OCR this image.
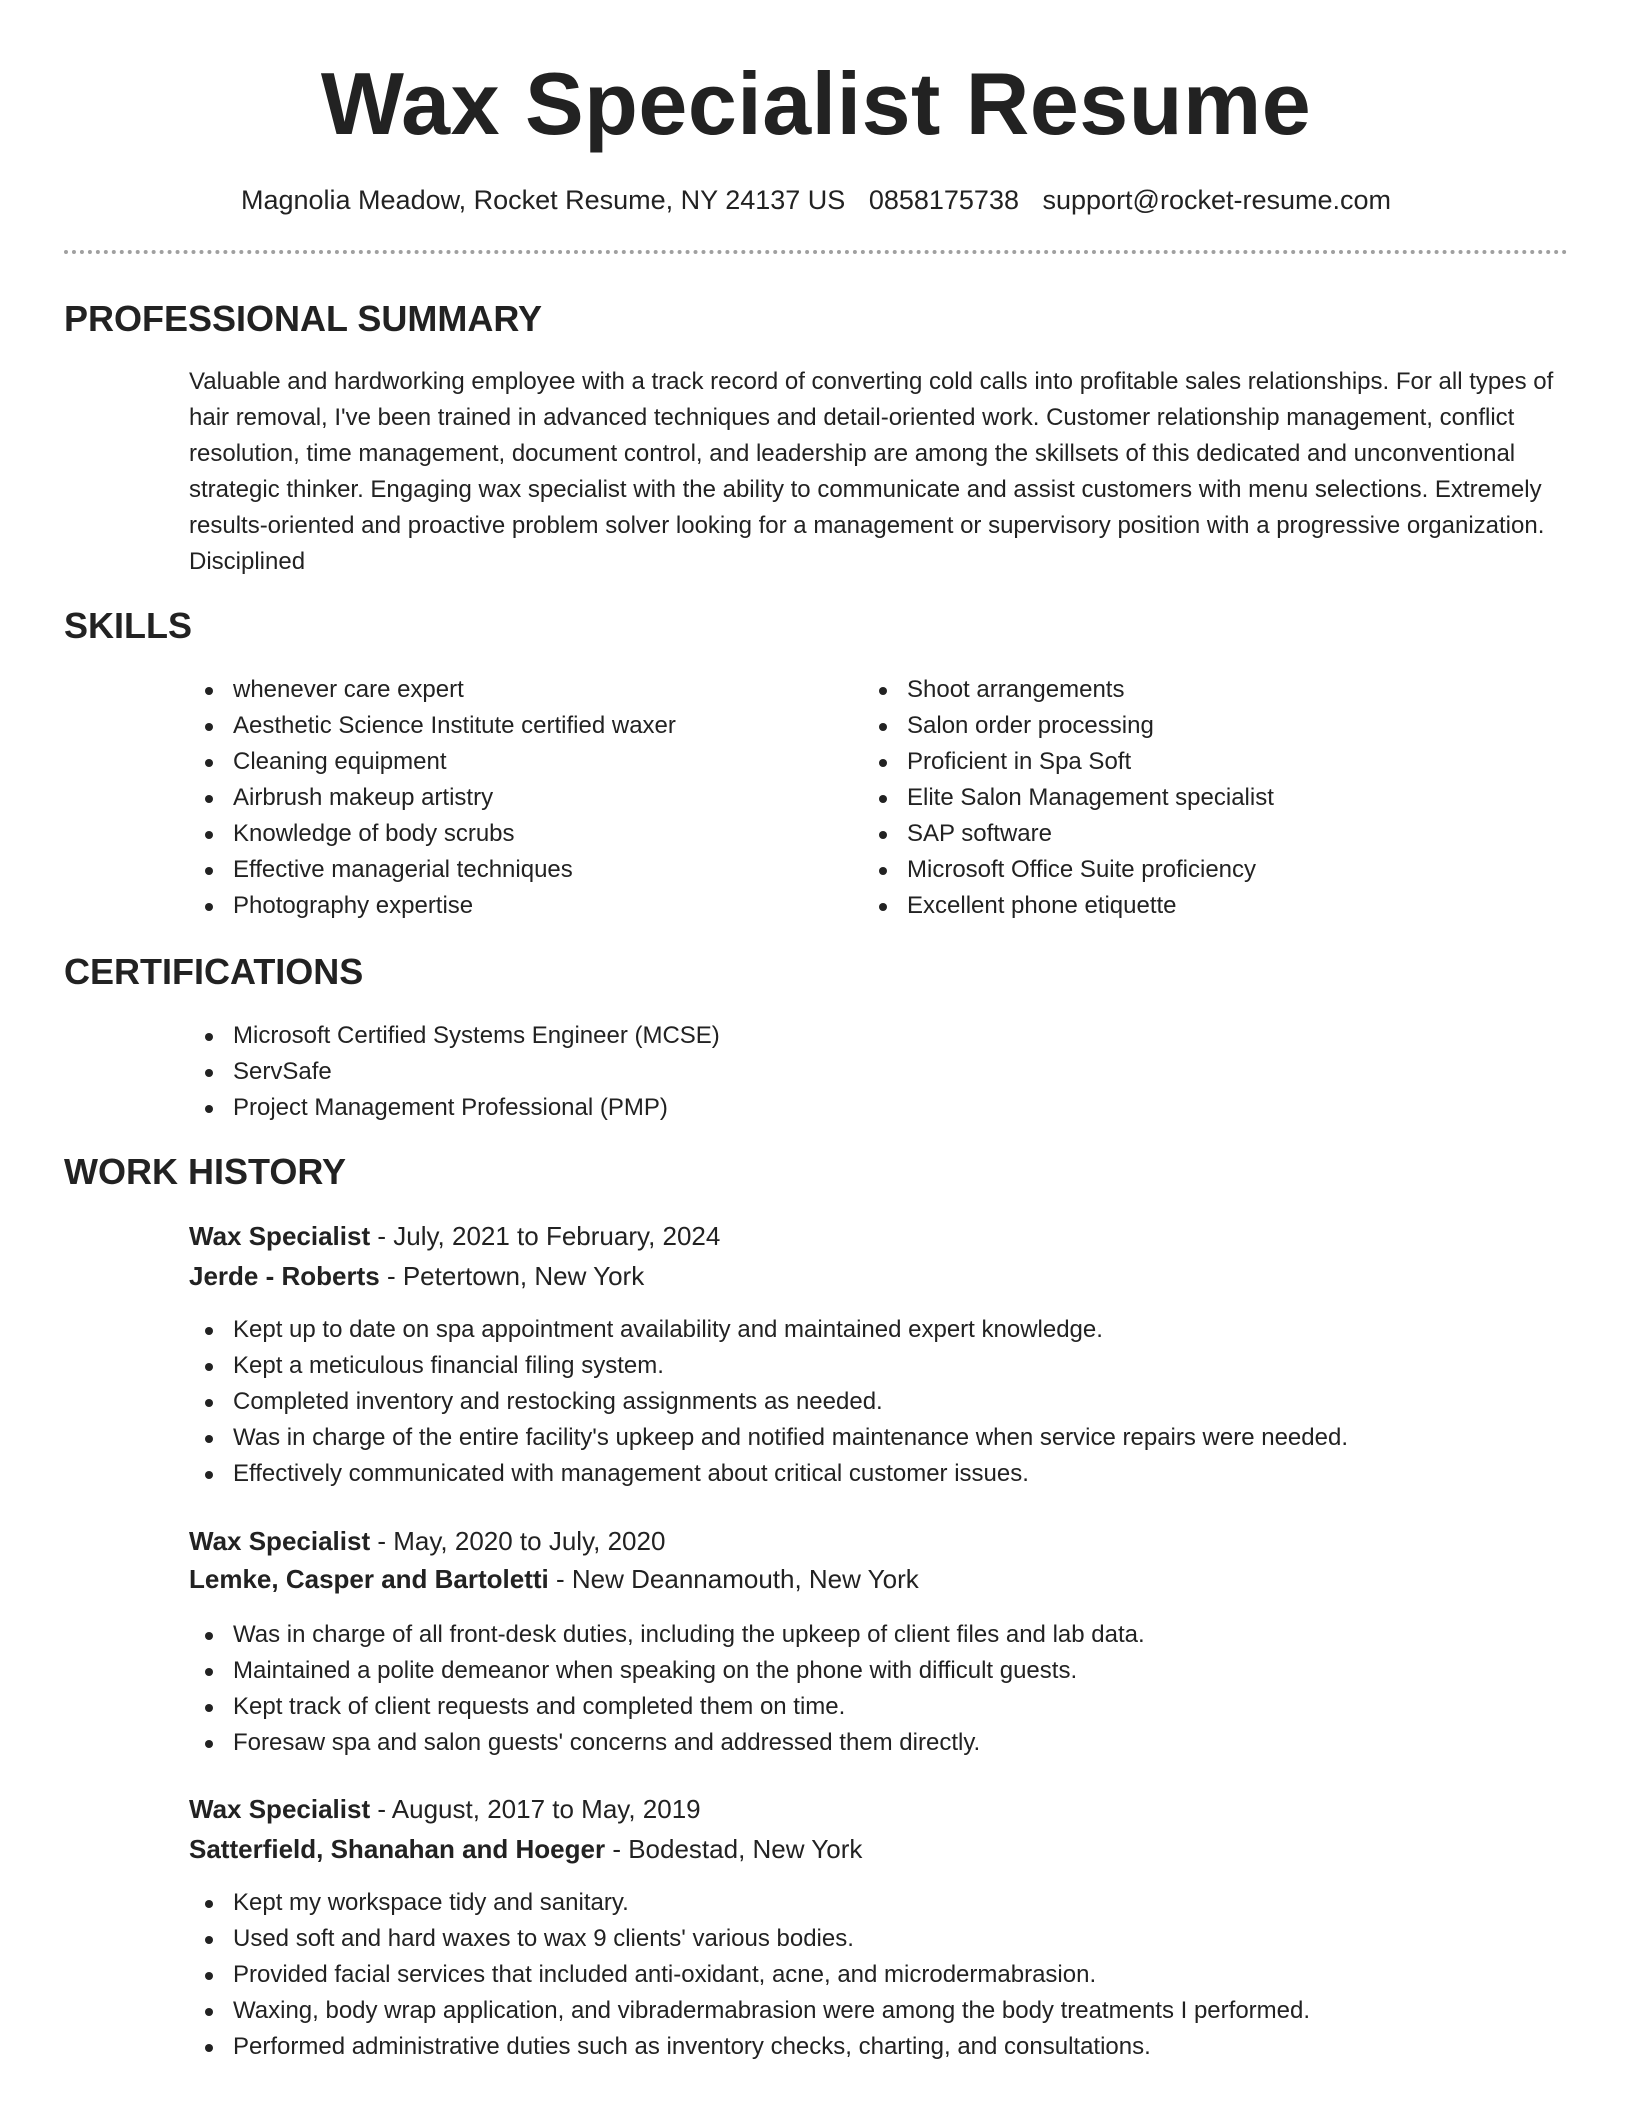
Wax Specialist Resume
Magnolia Meadow, Rocket Resume, NY 24137 US 0858175738 support@rocket-resume.com
PROFESSIONAL SUMMARY

Valuable and hardworking employee with a track record of converting cold calls into profitable sales relationships. For all types of hair removal, I've been trained in advanced techniques and detail-oriented work. Customer relationship management, conflict resolution, time management, document control, and leadership are among the skillsets of this dedicated and unconventional strategic thinker. Engaging wax specialist with the ability to communicate and assist customers with menu selections. Extremely results-oriented and proactive problem solver looking for a management or supervisory position with a progressive organization. Disciplined

SKILLS
whenever care expert
Aesthetic Science Institute certified waxer
Cleaning equipment
Airbrush makeup artistry
Knowledge of body scrubs
Effective managerial techniques
Photography expertise
Shoot arrangements
Salon order processing
Proficient in Spa Soft
Elite Salon Management specialist
SAP software
Microsoft Office Suite proficiency
Excellent phone etiquette
CERTIFICATIONS
Microsoft Certified Systems Engineer (MCSE)
ServSafe
Project Management Professional (PMP)
WORK HISTORY
Wax Specialist - July, 2021 to February, 2024
Jerde - Roberts - Petertown, New York
Kept up to date on spa appointment availability and maintained expert knowledge.
Kept a meticulous financial filing system.
Completed inventory and restocking assignments as needed.
Was in charge of the entire facility's upkeep and notified maintenance when service repairs were needed.
Effectively communicated with management about critical customer issues.
Wax Specialist - May, 2020 to July, 2020
Lemke, Casper and Bartoletti - New Deannamouth, New York
Was in charge of all front-desk duties, including the upkeep of client files and lab data.
Maintained a polite demeanor when speaking on the phone with difficult guests.
Kept track of client requests and completed them on time.
Foresaw spa and salon guests' concerns and addressed them directly.
Wax Specialist - August, 2017 to May, 2019
Satterfield, Shanahan and Hoeger - Bodestad, New York
Kept my workspace tidy and sanitary.
Used soft and hard waxes to wax 9 clients' various bodies.
Provided facial services that included anti-oxidant, acne, and microdermabrasion.
Waxing, body wrap application, and vibradermabrasion were among the body treatments I performed.
Performed administrative duties such as inventory checks, charting, and consultations.
